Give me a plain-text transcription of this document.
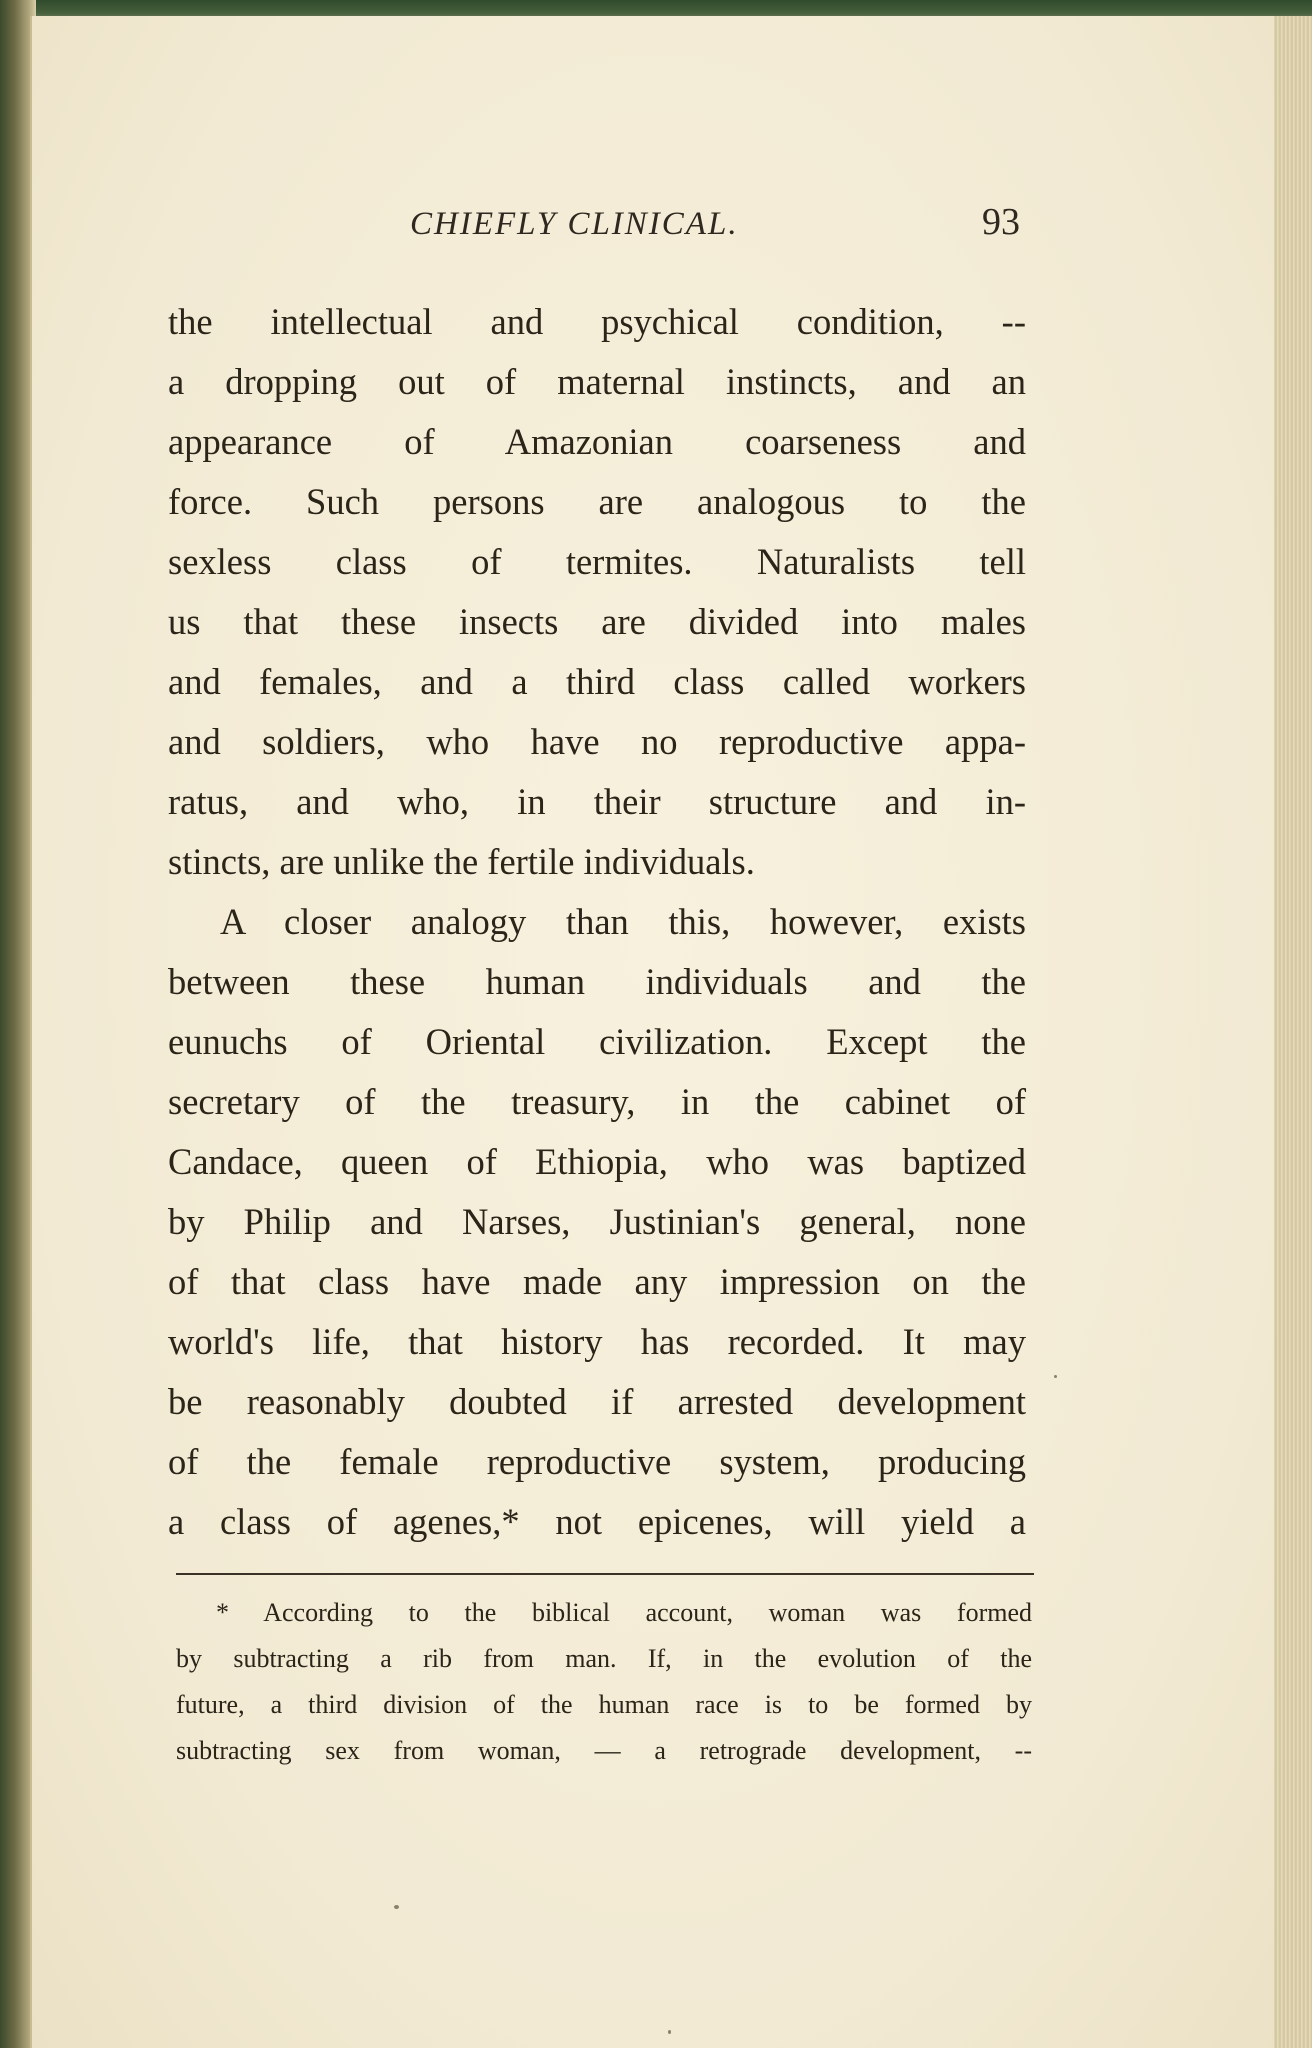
CHIEFLY CLINICAL.	93
the intellectual and psychical condition, --
a dropping out of maternal instincts, and an
appearance of Amazonian coarseness and
force. Such persons are analogous to the
sexless class of termites. Naturalists tell
us that these insects are divided into males
and females, and a third class called workers
and soldiers, who have no reproductive appa-
ratus, and who, in their structure and in-
stincts, are unlike the fertile individuals.
A closer analogy than this, however, exists
between these human individuals and the
eunuchs of Oriental civilization. Except the
secretary of the treasury, in the cabinet of
Candace, queen of Ethiopia, who was baptized
by Philip and Narses, Justinian's general, none
of that class have made any impression on the
world's life, that history has recorded. It may
be reasonably doubted if arrested development
of the female reproductive system, producing
a class of agenes,* not epicenes, will yield a
* According to the biblical account, woman was formed
by subtracting a rib from man. If, in the evolution of the
future, a third division of the human race is to be formed by
subtracting sex from woman, — a retrograde development, --
